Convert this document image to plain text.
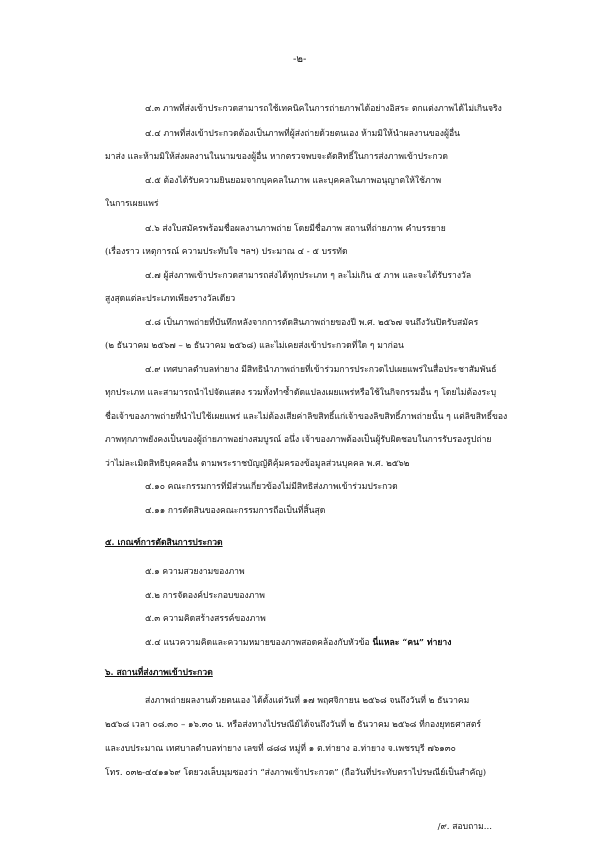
-๒-
๔.๓ ภาพที่ส่งเข้าประกวดสามารถใช้เทคนิคในการถ่ายภาพได้อย่างอิสระ ตกแต่งภาพได้ไม่เกินจริง
๔.๔ ภาพที่ส่งเข้าประกวดต้องเป็นภาพที่ผู้ส่งถ่ายด้วยตนเอง ห้ามมิให้นำผลงานของผู้อื่น
มาส่ง และห้ามมิให้ส่งผลงานในนามของผู้อื่น หากตรวจพบจะตัดสิทธิ์ในการส่งภาพเข้าประกวด
๔.๕ ต้องได้รับความยินยอมจากบุคคลในภาพ และบุคคลในภาพอนุญาตให้ใช้ภาพ
ในการเผยแพร่
๔.๖ ส่งใบสมัครพร้อมชื่อผลงานภาพถ่าย โดยมีชื่อภาพ สถานที่ถ่ายภาพ คำบรรยาย
(เรื่องราว เหตุการณ์ ความประทับใจ ฯลฯ) ประมาณ ๔ - ๕ บรรทัด
๔.๗ ผู้ส่งภาพเข้าประกวดสามารถส่งได้ทุกประเภท ๆ ละไม่เกิน ๕ ภาพ และจะได้รับรางวัล
สูงสุดแต่ละประเภทเพียงรางวัลเดียว
๔.๘ เป็นภาพถ่ายที่บันทึกหลังจากการตัดสินภาพถ่ายของปี พ.ศ. ๒๕๖๗ จนถึงวันปิดรับสมัคร
(๒ ธันวาคม ๒๕๖๗ – ๒ ธันวาคม ๒๕๖๘) และไม่เคยส่งเข้าประกวดที่ใด ๆ มาก่อน
๔.๙ เทศบาลตำบลท่ายาง มีสิทธินำภาพถ่ายที่เข้าร่วมการประกวดไปเผยแพร่ในสื่อประชาสัมพันธ์
ทุกประเภท และสามารถนำไปจัดแสดง รวมทั้งทำซ้ำดัดแปลงเผยแพร่หรือใช้ในกิจกรรมอื่น ๆ โดยไม่ต้องระบุ
ชื่อเจ้าของภาพถ่ายที่นำไปใช้เผยแพร่ และไม่ต้องเสียค่าลิขสิทธิ์แก่เจ้าของลิขสิทธิ์ภาพถ่ายนั้น ๆ แต่ลิขสิทธิ์ของ
ภาพทุกภาพยังคงเป็นของผู้ถ่ายภาพอย่างสมบูรณ์ อนึ่ง เจ้าของภาพต้องเป็นผู้รับผิดชอบในการรับรองรูปถ่าย
ว่าไม่ละเมิดสิทธิบุคคลอื่น ตามพระราชบัญญัติคุ้มครองข้อมูลส่วนบุคคล พ.ศ. ๒๕๖๒
๔.๑๐ คณะกรรมการที่มีส่วนเกี่ยวข้องไม่มีสิทธิส่งภาพเข้าร่วมประกวด
๔.๑๑ การตัดสินของคณะกรรมการถือเป็นที่สิ้นสุด
๕. เกณฑ์การตัดสินการประกวด
๕.๑ ความสวยงามของภาพ
๕.๒ การจัดองค์ประกอบของภาพ
๕.๓ ความคิดสร้างสรรค์ของภาพ
๕.๔ แนวความคิดและความหมายของภาพสอดคล้องกับหัวข้อ นี่แหละ “ฅน” ท่ายาง
๖. สถานที่ส่งภาพเข้าประกวด
ส่งภาพถ่ายผลงานด้วยตนเอง ได้ตั้งแต่วันที่ ๑๗ พฤศจิกายน ๒๕๖๘ จนถึงวันที่ ๒ ธันวาคม
๒๕๖๘ เวลา ๐๘.๓๐ – ๑๖.๓๐ น. หรือส่งทางไปรษณีย์ได้จนถึงวันที่ ๒ ธันวาคม ๒๕๖๘ ที่กองยุทธศาสตร์
และงบประมาณ เทศบาลตำบลท่ายาง เลขที่ ๘๘๘ หมู่ที่ ๑ ต.ท่ายาง อ.ท่ายาง จ.เพชรบุรี ๗๖๑๓๐
โทร. ๐๓๒-๔๔๑๑๖๙ โดยวงเล็บมุมซองว่า “ส่งภาพเข้าประกวด” (ถือวันที่ประทับตราไปรษณีย์เป็นสำคัญ)
/๙. สอบถาม...
